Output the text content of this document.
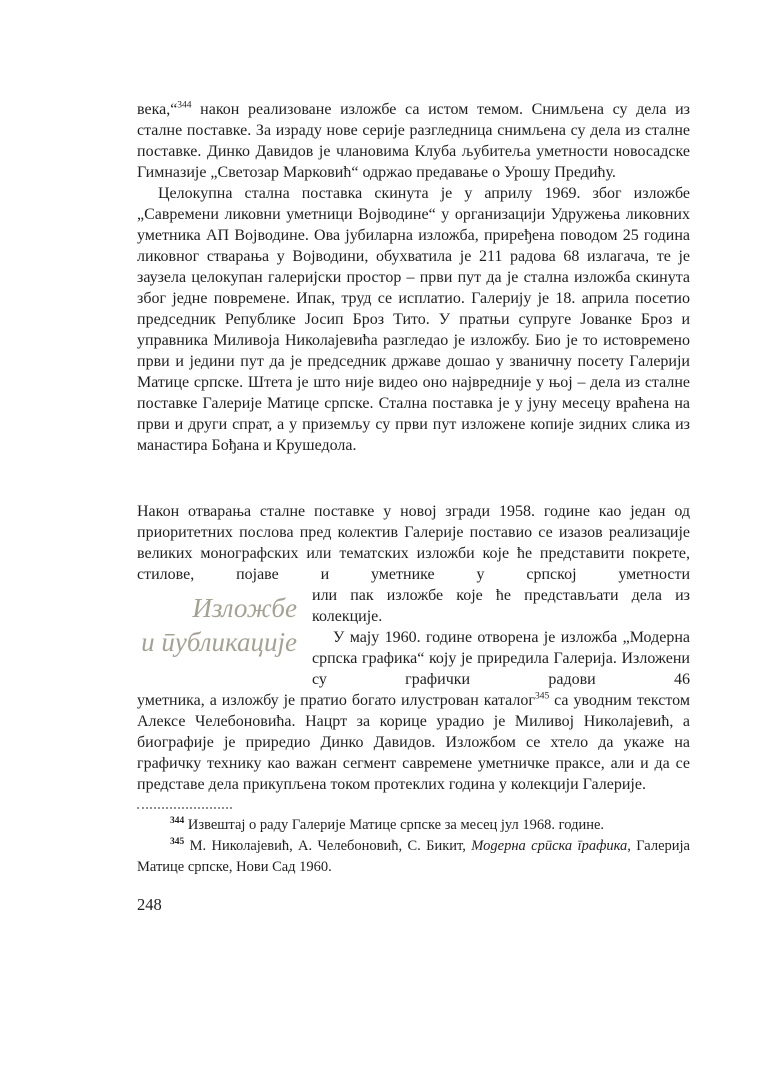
века,“$^{344}$ након реализоване изложбе са истом темом. Снимљена су дела из сталне поставке. За израду нове серије разгледница снимљена су дела из сталне поставке. Динко Давидов је члановима Клуба љубитеља уметности новосадске Гимназије „Светозар Марковић“ одржао предавање о Урошу Предићу.

Целокупна стална поставка скинута је у априлу 1969. због изложбе „Савремени ликовни уметници Војводине“ у организацији Удружења ликовних уметника АП Војводине. Ова јубиларна изложба, приређена поводом 25 година ликовног стварања у Војводини, обухватила је 211 радова 68 излагача, те је заузела целокупан галеријски простор – први пут да је стална изложба скинута због једне повремене. Ипак, труд се исплатио. Галерију је 18. априла посетио председник Републике Јосип Броз Тито. У пратњи супруге Јованке Броз и управника Миливоја Николајевића разгледао је изложбу. Био је то истовремено први и једини пут да је председник државе дошао у званичну посету Галерији Матице српске. Штета је што није видео оно највредније у њој – дела из сталне поставке Галерије Матице српске. Стална поставка је у јуну месецу враћена на први и други спрат, а у приземљу су први пут изложене копије зидних слика из манастира Бођана и Крушедола.

Након отварања сталне поставке у новој згради 1958. године као један од приоритетних послова пред колектив Галерије поставио се изазов реализације великих монографских или тематских изложби које ће представити покрете, стилове, појаве и уметнике у српској уметности

Изложбе
и публикације

или пак изложбе које ће представљати дела из колекције.

У мају 1960. године отворена је изложба „Модерна српска графика“ коју је приредила Галерија. Изложени су графички радови 46

уметника, а изложбу је пратио богато илустрован каталог$^{345}$ са уводним текстом Алексе Челебоновића. Нацрт за корице урадио је Миливој Николајевић, а биографије је приредио Динко Давидов. Изложбом се хтело да укаже на графичку технику као важан сегмент савремене уметничке праксе, али и да се представе дела прикупљена током протеклих година у колекцији Галерије.

$^{344}$ Извештај о раду Галерије Матице српске за месец јул 1968. године.

$^{345}$ М. Николајевић, А. Челебоновић, С. Бикит, Модерна српска графика, Галерија Матице српске, Нови Сад 1960.

248
